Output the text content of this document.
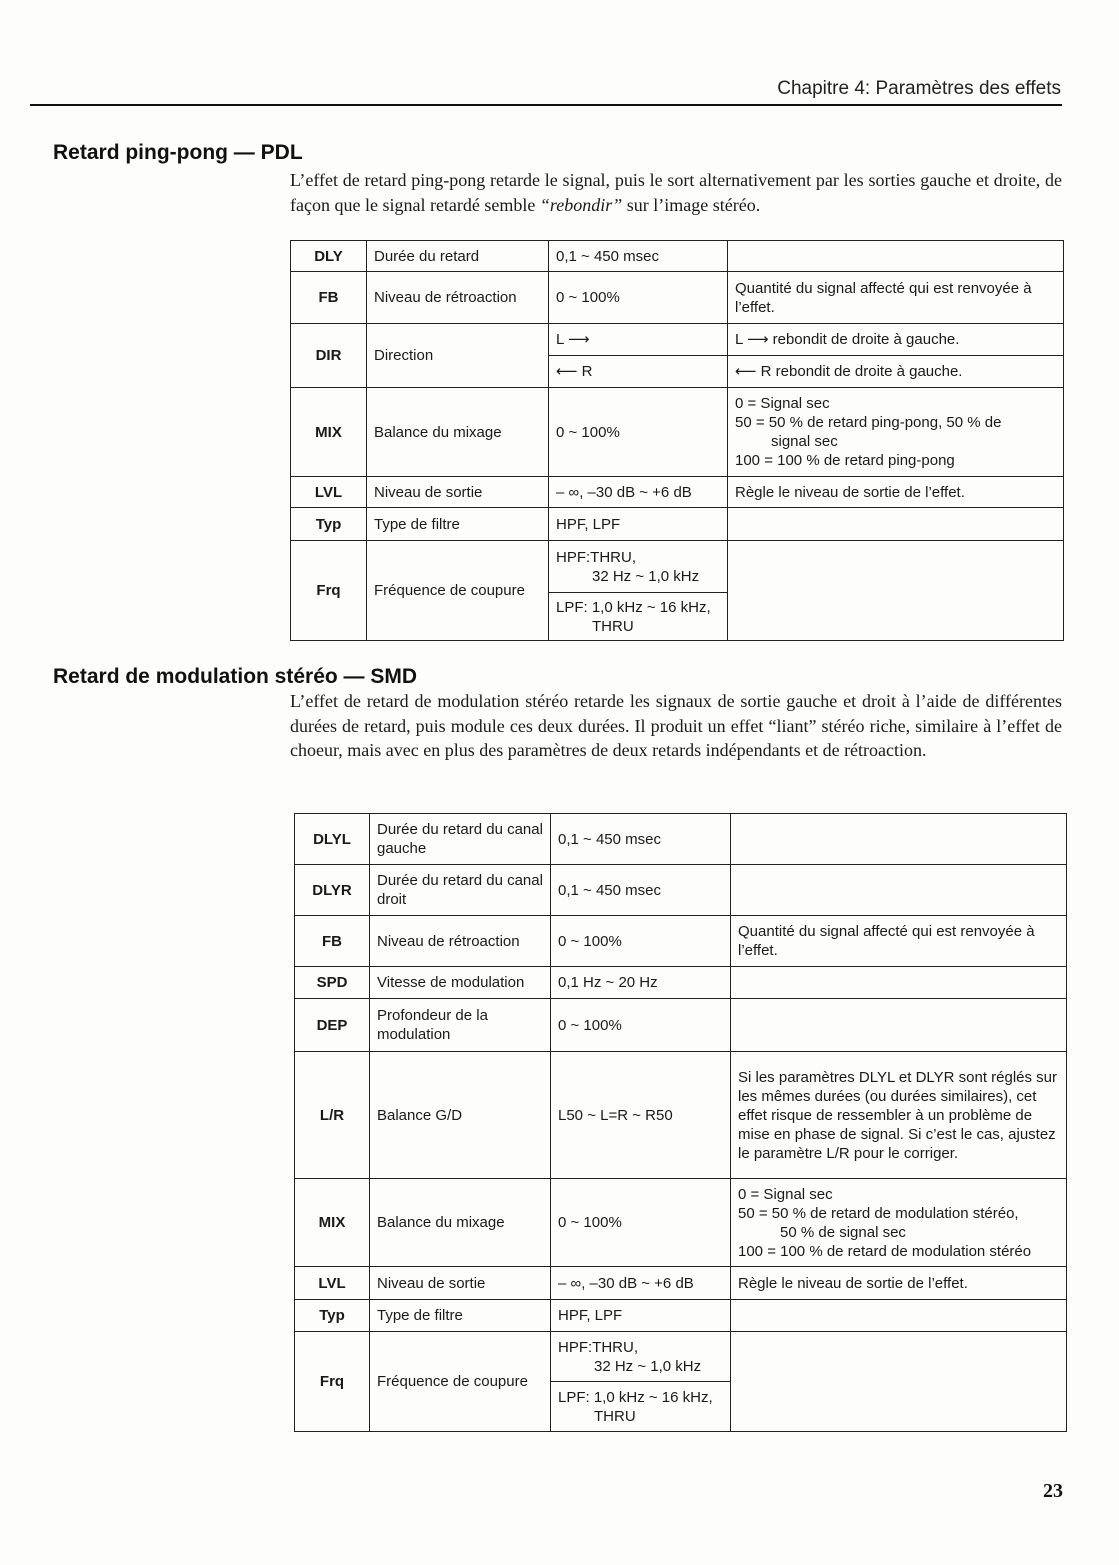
Chapitre 4: Paramètres des effets
Retard ping-pong — PDL

L’effet de retard ping-pong retarde le signal, puis le sort alternativement par les sorties gauche et droite, de façon que le signal retardé semble “rebondir” sur l’image stéréo.

DLY	Durée du retard	0,1 ~ 450 msec	
FB	Niveau de rétroaction	0 ~ 100%	Quantité du signal affecté qui est renvoyée à l’effet.
DIR	Direction	L ⟶	L ⟶ rebondit de droite à gauche.
		⟵ R	⟵ R rebondit de droite à gauche.
MIX	Balance du mixage	0 ~ 100%	0 = Signal sec
50 = 50 % de retard ping-pong, 50 % de
signal sec
100 = 100 % de retard ping-pong

LVL	Niveau de sortie	– ∞, –30 dB ~ +6 dB	Règle le niveau de sortie de l’effet.
Typ	Type de filtre	HPF, LPF	
Frq	Fréquence de coupure	HPF:THRU,
32 Hz ~ 1,0 kHz	

		LPF: 1,0 kHz ~ 16 kHz,
THRU	
Retard de modulation stéréo — SMD

L’effet de retard de modulation stéréo retarde les signaux de sortie gauche et droit à l’aide de différentes durées de retard, puis module ces deux durées. Il produit un effet “liant” stéréo riche, similaire à l’effet de choeur, mais avec en plus des paramètres de deux retards indépendants et de rétroaction.

DLYL	Durée du retard du canal gauche	0,1 ~ 450 msec	
DLYR	Durée du retard du canal droit	0,1 ~ 450 msec	
FB	Niveau de rétroaction	0 ~ 100%	Quantité du signal affecté qui est renvoyée à l’effet.
SPD	Vitesse de modulation	0,1 Hz ~ 20 Hz	
DEP	Profondeur de la modulation	0 ~ 100%	
L/R	Balance G/D	L50 ~ L=R ~ R50	Si les paramètres DLYL et DLYR sont réglés sur les mêmes durées (ou durées similaires), cet effet risque de ressembler à un problème de mise en phase de signal. Si c’est le cas, ajustez le paramètre L/R pour le corriger.
MIX	Balance du mixage	0 ~ 100%	0 = Signal sec
50 = 50 % de retard de modulation stéréo,
50 % de signal sec
100 = 100 % de retard de modulation stéréo

LVL	Niveau de sortie	– ∞, –30 dB ~ +6 dB	Règle le niveau de sortie de l’effet.
Typ	Type de filtre	HPF, LPF	
Frq	Fréquence de coupure	HPF:THRU,
32 Hz ~ 1,0 kHz	

		LPF: 1,0 kHz ~ 16 kHz,
THRU	
23
